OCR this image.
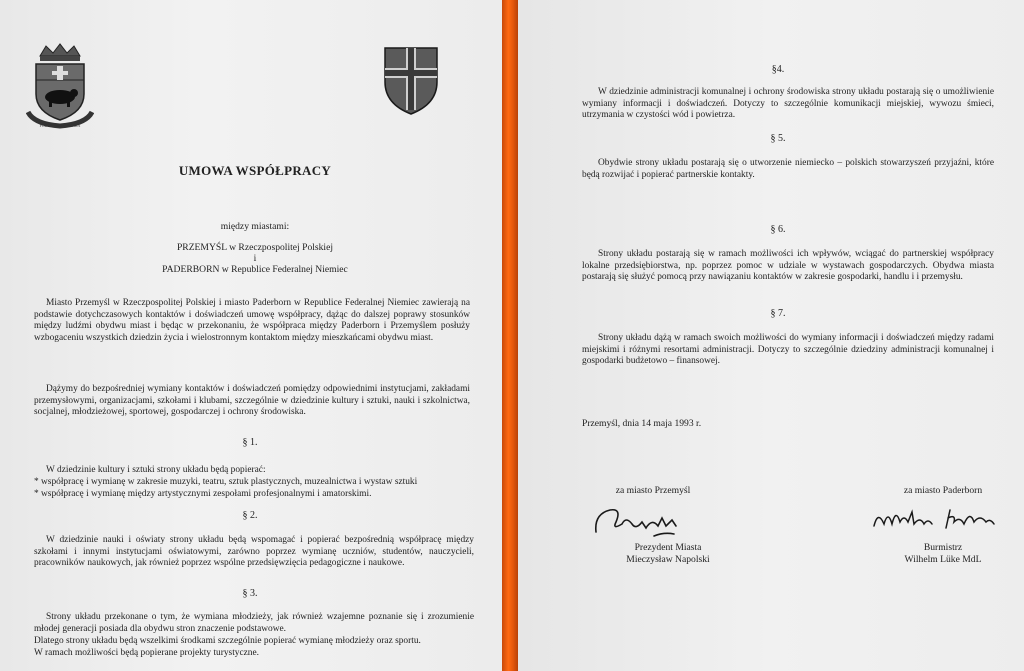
FORTITVDO · GLORIA
UMOWA WSPÓŁPRACY
między miastami:
PRZEMYŚL w Rzeczpospolitej Polskiej
i
PADERBORN w Republice Federalnej Niemiec
Miasto Przemyśl w Rzeczpospolitej Polskiej i miasto Paderborn w Republice Federalnej Niemiec zawierają na podstawie dotychczasowych kontaktów i doświadczeń umowę współpracy, dążąc do dalszej poprawy stosunków między ludźmi obydwu miast i będąc w przekonaniu, że współpraca między Paderborn i Przemyślem posłuży wzbogaceniu wszystkich dziedzin życia i wielostronnym kontaktom między mieszkańcami obydwu miast.
Dążymy do bezpośredniej wymiany kontaktów i doświadczeń pomiędzy odpowiednimi instytucjami, zakładami przemysłowymi, organizacjami, szkołami i klubami, szczególnie w dziedzinie kultury i sztuki, nauki i szkolnictwa, socjalnej, młodzieżowej, sportowej, gospodarczej i ochrony środowiska.
§ 1.
W dziedzinie kultury i sztuki strony układu będą popierać:
* współpracę i wymianę w zakresie muzyki, teatru, sztuk plastycznych, muzealnictwa i wystaw sztuki
* współpracę i wymianę między artystycznymi zespołami profesjonalnymi i amatorskimi.
§ 2.
W dziedzinie nauki i oświaty strony układu będą wspomagać i popierać bezpośrednią współpracę między szkołami i innymi instytucjami oświatowymi, zarówno poprzez wymianę uczniów, studentów, nauczycieli, pracowników naukowych, jak również poprzez wspólne przedsięwzięcia pedagogiczne i naukowe.
§ 3.
Strony układu przekonane o tym, że wymiana młodzieży, jak również wzajemne poznanie się i zrozumienie młodej generacji posiada dla obydwu stron znaczenie podstawowe.
Dlatego strony układu będą wszelkimi środkami szczególnie popierać wymianę młodzieży oraz sportu.
W ramach możliwości będą popierane projekty turystyczne.
§4.
W dziedzinie administracji komunalnej i ochrony środowiska strony układu postarają się o umożliwienie wymiany informacji i doświadczeń. Dotyczy to szczególnie komunikacji miejskiej, wywozu śmieci, utrzymania w czystości wód i powietrza.
§ 5.
Obydwie strony układu postarają się o utworzenie niemiecko – polskich stowarzyszeń przyjaźni, które będą rozwijać i popierać partnerskie kontakty.
§ 6.
Strony układu postarają się w ramach możliwości ich wpływów, wciągać do partnerskiej współpracy lokalne przedsiębiorstwa, np. poprzez pomoc w udziale w wystawach gospodarczych. Obydwa miasta postarają się służyć pomocą przy nawiązaniu kontaktów w zakresie gospodarki, handlu i i przemysłu.
§ 7.
Strony układu dążą w ramach swoich możliwości do wymiany informacji i doświadczeń między radami miejskimi i różnymi resortami administracji. Dotyczy to szczególnie dziedziny administracji komunalnej i gospodarki budżetowo – finansowej.
Przemyśl, dnia 14 maja 1993 r.
za miasto Przemyśl
Prezydent Miasta
Mieczysław Napolski
za miasto Paderborn
Burmistrz
Wilhelm Lüke MdL
